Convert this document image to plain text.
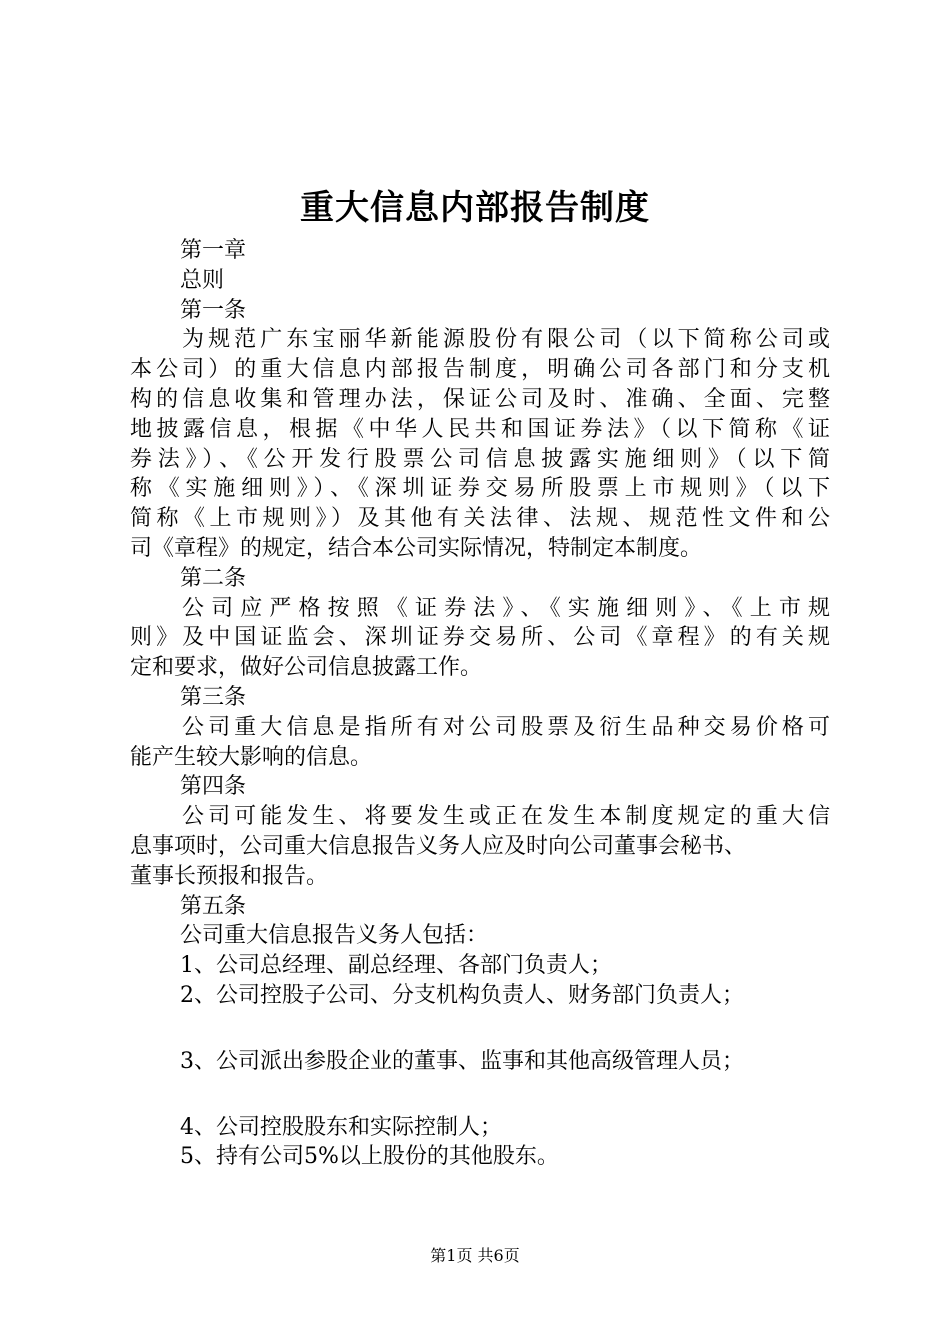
重大信息内部报告制度
第一章
总则
第一条
为规范广东宝丽华新能源股份有限公司（以下简称公司或
本公司）的重大信息内部报告制度，明确公司各部门和分支机
构的信息收集和管理办法，保证公司及时、准确、全面、完整
地披露信息，根据《中华人民共和国证券法》（以下简称《证
券法》）、《公开发行股票公司信息披露实施细则》（以下简
称《实施细则》）、《深圳证券交易所股票上市规则》（以下
简称《上市规则》）及其他有关法律、法规、规范性文件和公
司《章程》的规定，结合本公司实际情况，特制定本制度。
第二条
公司应严格按照《证券法》、《实施细则》、《上市规
则》及中国证监会、深圳证券交易所、公司《章程》的有关规
定和要求，做好公司信息披露工作。
第三条
公司重大信息是指所有对公司股票及衍生品种交易价格可
能产生较大影响的信息。
第四条
公司可能发生、将要发生或正在发生本制度规定的重大信
息事项时，公司重大信息报告义务人应及时向公司董事会秘书、
董事长预报和报告。
第五条
公司重大信息报告义务人包括：
1、公司总经理、副总经理、各部门负责人；
2、公司控股子公司、分支机构负责人、财务部门负责人；
3、公司派出参股企业的董事、监事和其他高级管理人员；
4、公司控股股东和实际控制人；
5、持有公司5%以上股份的其他股东。
第1页 共6页
